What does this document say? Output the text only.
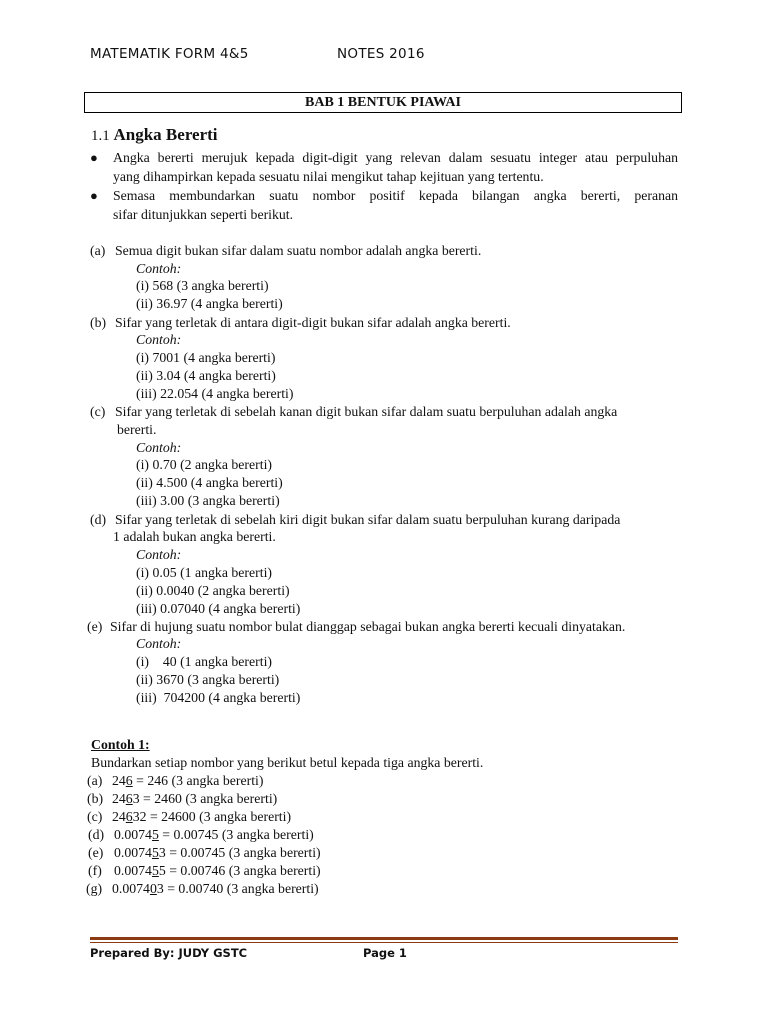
MATEMATIK FORM 4&5	NOTES 2016
BAB 1 BENTUK PIAWAI
1.1 Angka Bererti
● Angka bererti merujuk kepada digit-digit yang relevan dalam sesuatu integer atau perpuluhan
yang dihampirkan kepada sesuatu nilai mengikut tahap kejituan yang tertentu.
● Semasa membundarkan suatu nombor positif kepada bilangan angka bererti, peranan
sifar ditunjukkan seperti berikut.
(a) Semua digit bukan sifar dalam suatu nombor adalah angka bererti.
Contoh:
(i) 568 (3 angka bererti)
(ii) 36.97 (4 angka bererti)
(b) Sifar yang terletak di antara digit-digit bukan sifar adalah angka bererti.
Contoh:
(i) 7001 (4 angka bererti)
(ii) 3.04 (4 angka bererti)
(iii) 22.054 (4 angka bererti)
(c) Sifar yang terletak di sebelah kanan digit bukan sifar dalam suatu berpuluhan adalah angka
bererti.
Contoh:
(i) 0.70 (2 angka bererti)
(ii) 4.500 (4 angka bererti)
(iii) 3.00 (3 angka bererti)
(d) Sifar yang terletak di sebelah kiri digit bukan sifar dalam suatu berpuluhan kurang daripada
1 adalah bukan angka bererti.
Contoh:
(i) 0.05 (1 angka bererti)
(ii) 0.0040 (2 angka bererti)
(iii) 0.07040 (4 angka bererti)
(e) Sifar di hujung suatu nombor bulat dianggap sebagai bukan angka bererti kecuali dinyatakan.
Contoh:
(i)    40 (1 angka bererti)
(ii) 3670 (3 angka bererti)
(iii)  704200 (4 angka bererti)
Contoh 1:
Bundarkan setiap nombor yang berikut betul kepada tiga angka bererti.
(a) 246 = 246 (3 angka bererti)
(b) 2463 = 2460 (3 angka bererti)
(c) 24632 = 24600 (3 angka bererti)
(d) 0.00745 = 0.00745 (3 angka bererti)
(e) 0.007453 = 0.00745 (3 angka bererti)
(f) 0.007455 = 0.00746 (3 angka bererti)
(g) 0.007403 = 0.00740 (3 angka bererti)
Prepared By: JUDY GSTC	Page 1
